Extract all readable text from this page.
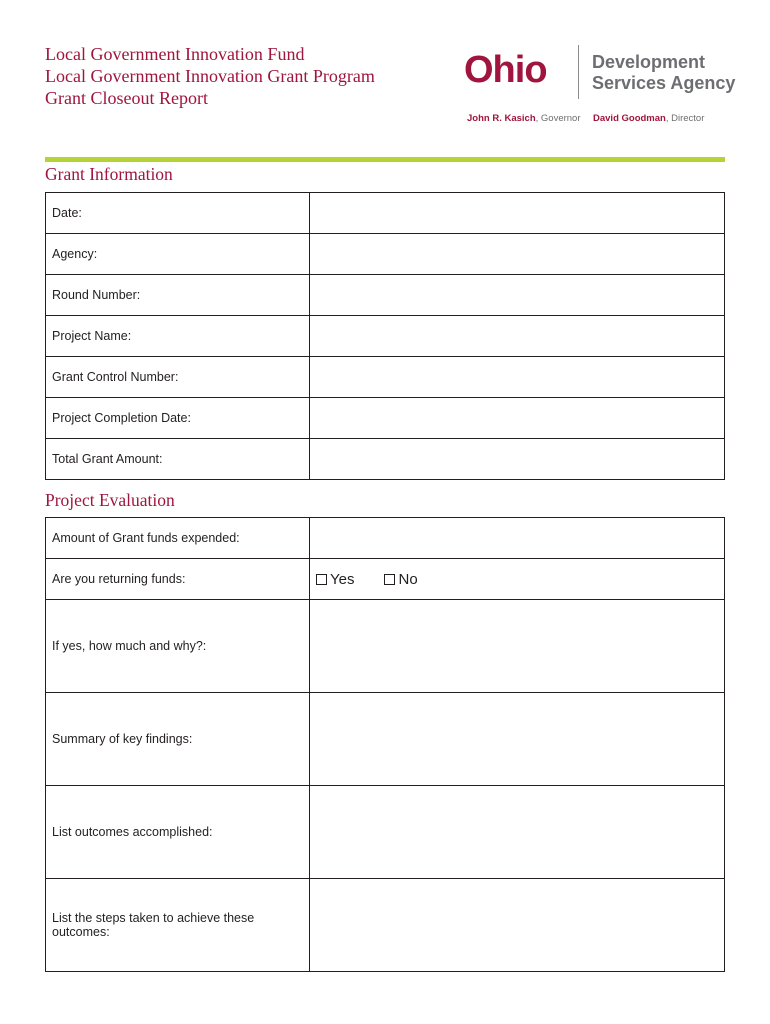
Local Government Innovation Fund
Local Government Innovation Grant Program
Grant Closeout Report
Ohio	Development
Services Agency
John R. Kasich, Governor David Goodman, Director
Grant Information
Date:	
Agency:	
Round Number:	
Project Name:	
Grant Control Number:	
Project Completion Date:	
Total Grant Amount:	
Project Evaluation
Amount of Grant funds expended:	
Are you returning funds:	Yes No

If yes, how much and why?:	
Summary of key findings:	
List outcomes accomplished:	
List the steps taken to achieve these outcomes:	
